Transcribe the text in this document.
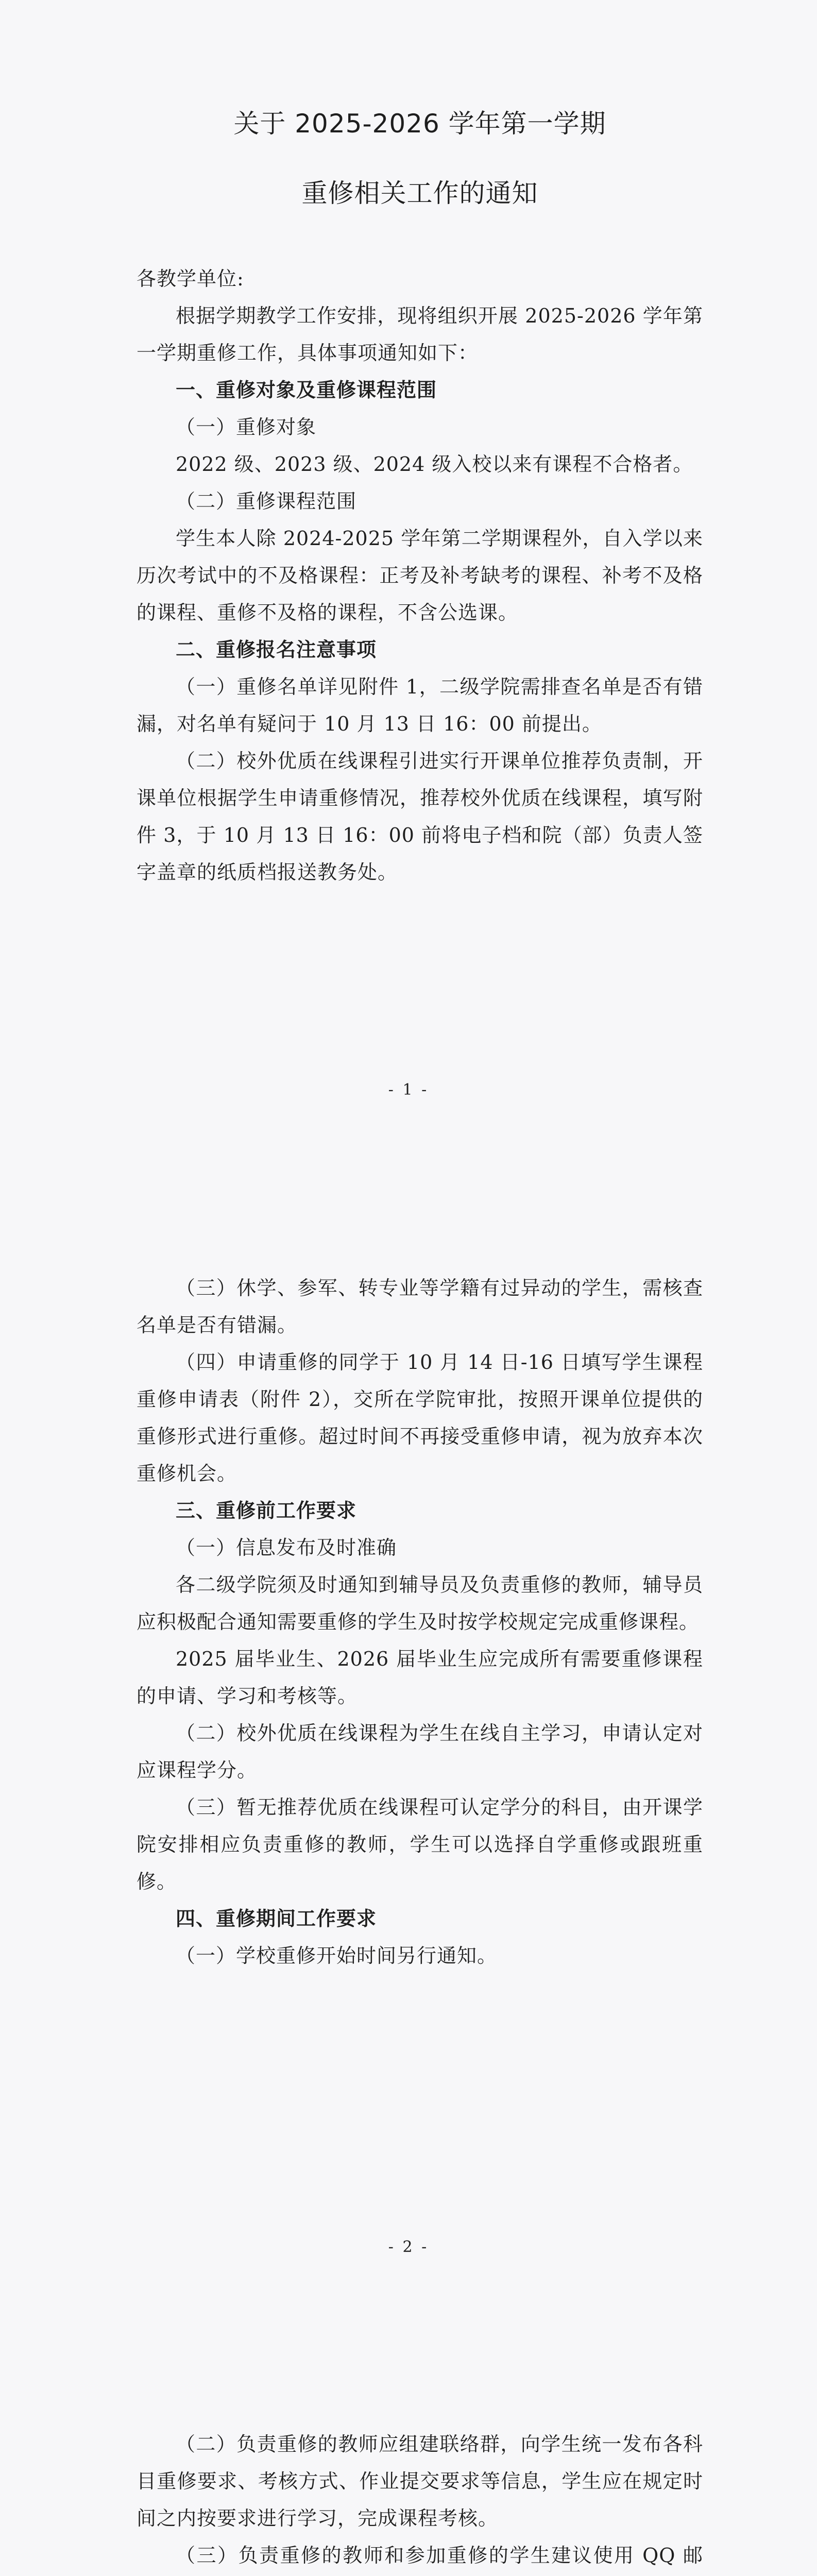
关于 2025-2026 学年第一学期

重修相关工作的通知

各教学单位:

根据学期教学工作安排，现将组织开展 2025-2026 学年第一学期重修工作，具体事项通知如下：

一、重修对象及重修课程范围

（一）重修对象

2022 级、2023 级、2024 级入校以来有课程不合格者。

（二）重修课程范围

学生本人除 2024-2025 学年第二学期课程外，自入学以来历次考试中的不及格课程：正考及补考缺考的课程、补考不及格的课程、重修不及格的课程，不含公选课。

二、重修报名注意事项

（一）重修名单详见附件 1，二级学院需排查名单是否有错漏，对名单有疑问于 10 月 13 日 16：00 前提出。

（二）校外优质在线课程引进实行开课单位推荐负责制，开课单位根据学生申请重修情况，推荐校外优质在线课程，填写附件 3，于 10 月 13 日 16：00 前将电子档和院（部）负责人签字盖章的纸质档报送教务处。

- 1 -

（三）休学、参军、转专业等学籍有过异动的学生，需核查名单是否有错漏。

（四）申请重修的同学于 10 月 14 日-16 日填写学生课程重修申请表（附件 2），交所在学院审批，按照开课单位提供的重修形式进行重修。超过时间不再接受重修申请，视为放弃本次重修机会。

三、重修前工作要求

（一）信息发布及时准确

各二级学院须及时通知到辅导员及负责重修的教师，辅导员应积极配合通知需要重修的学生及时按学校规定完成重修课程。

2025 届毕业生、2026 届毕业生应完成所有需要重修课程的申请、学习和考核等。

（二）校外优质在线课程为学生在线自主学习，申请认定对应课程学分。

（三）暂无推荐优质在线课程可认定学分的科目，由开课学院安排相应负责重修的教师，学生可以选择自学重修或跟班重修。

四、重修期间工作要求

（一）学校重修开始时间另行通知。

- 2 -

（二）负责重修的教师应组建联络群，向学生统一发布各科目重修要求、考核方式、作业提交要求等信息，学生应在规定时间之内按要求进行学习，完成课程考核。

（三）负责重修的教师和参加重修的学生建议使用 QQ 邮
